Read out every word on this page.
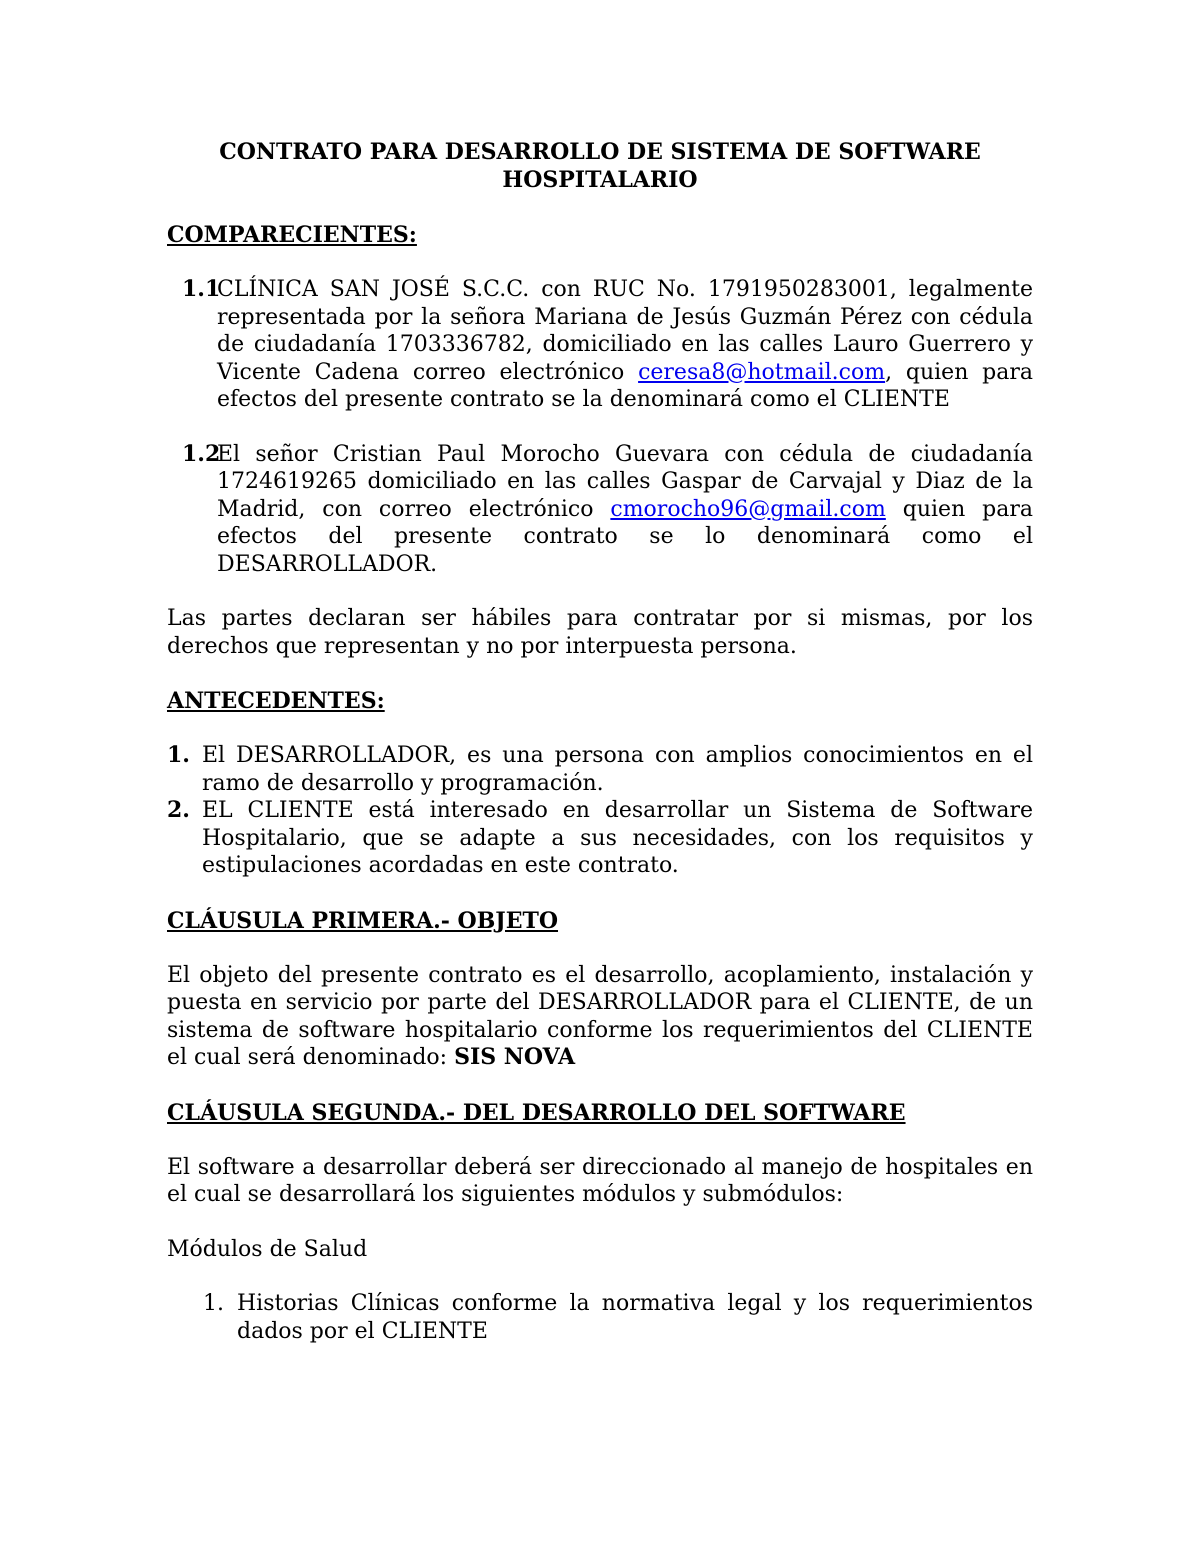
CONTRATO PARA DESARROLLO DE SISTEMA DE SOFTWARE

HOSPITALARIO

COMPARECIENTES:

1.1
CLÍNICA SAN JOSÉ S.C.C. con RUC No. 1791950283001, legalmente representada por la señora Mariana de Jesús Guzmán Pérez con cédula de ciudadanía 1703336782, domiciliado en las calles Lauro Guerrero y Vicente Cadena correo electrónico ceresa8@hotmail.com, quien para efectos del presente contrato se la denominará como el CLIENTE
1.2
El señor Cristian Paul Morocho Guevara con cédula de ciudadanía 1724619265 domiciliado en las calles Gaspar de Carvajal y Diaz de la Madrid, con correo electrónico cmorocho96@gmail.com quien para efectos del presente contrato se lo denominará como el DESARROLLADOR.

Las partes declaran ser hábiles para contratar por si mismas, por los derechos que representan y no por interpuesta persona.

ANTECEDENTES:

1. El DESARROLLADOR, es una persona con amplios conocimientos en el ramo de desarrollo y programación.
2. EL CLIENTE está interesado en desarrollar un Sistema de Software Hospitalario, que se adapte a sus necesidades, con los requisitos y estipulaciones acordadas en este contrato.

CLÁUSULA PRIMERA.- OBJETO

El objeto del presente contrato es el desarrollo, acoplamiento, instalación y puesta en servicio por parte del DESARROLLADOR para el CLIENTE, de un sistema de software hospitalario conforme los requerimientos del CLIENTE el cual será denominado: SIS NOVA

CLÁUSULA SEGUNDA.- DEL DESARROLLO DEL SOFTWARE

El software a desarrollar deberá ser direccionado al manejo de hospitales en el cual se desarrollará los siguientes módulos y submódulos:

Módulos de Salud

1. Historias Clínicas conforme la normativa legal y los requerimientos dados por el CLIENTE
